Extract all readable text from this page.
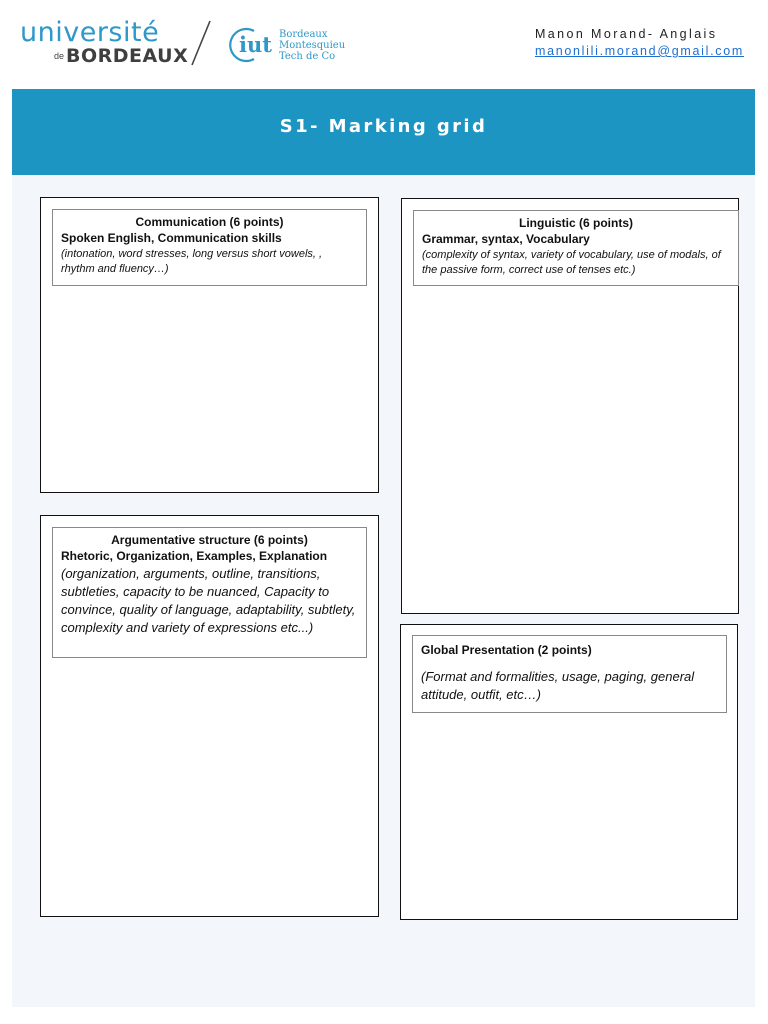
université
$^{de}$ BORDEAUX iut Bordeaux
Montesquieu
Tech de Co
Manon Morand- Anglais
manonlili.morand@gmail.com
S1- Marking grid
Communication (6 points)
Spoken English, Communication skills
(intonation, word stresses, long versus short vowels, , rhythm and fluency…)
Linguistic (6 points)
Grammar, syntax, Vocabulary
(complexity of syntax, variety of vocabulary, use of modals, of the passive form, correct use of tenses etc.)
Argumentative structure (6 points)
Rhetoric, Organization, Examples, Explanation
(organization, arguments, outline, transitions, subtleties, capacity to be nuanced, Capacity to convince, quality of language, adaptability, subtlety, complexity and variety of expressions etc...)
Global Presentation (2 points)
(Format and formalities, usage, paging, general attitude, outfit, etc…)
